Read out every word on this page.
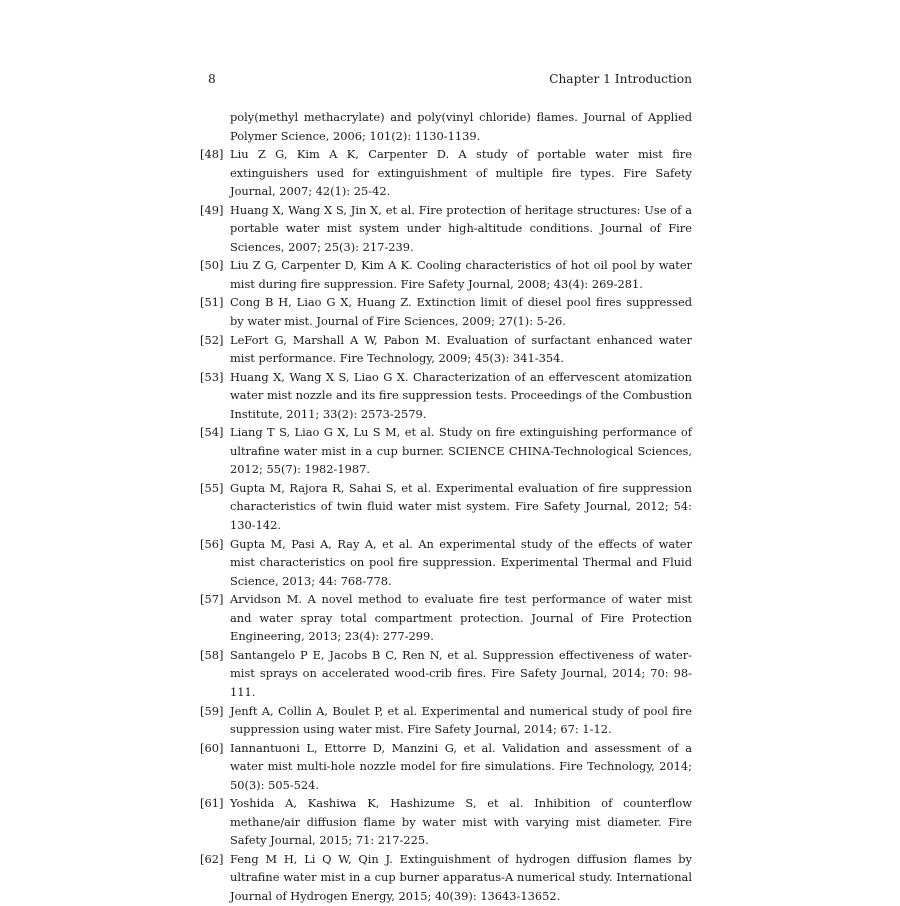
8	Chapter 1 Introduction
poly(methyl methacrylate) and poly(vinyl chloride) flames. Journal of Applied Polymer Science, 2006; 101(2): 1130-1139.
[48] Liu Z G, Kim A K, Carpenter D. A study of portable water mist fire extinguishers used for extinguishment of multiple fire types. Fire Safety Journal, 2007; 42(1): 25-42.
[49] Huang X, Wang X S, Jin X, et al. Fire protection of heritage structures: Use of a portable water mist system under high-altitude conditions. Journal of Fire Sciences, 2007; 25(3): 217-239.
[50] Liu Z G, Carpenter D, Kim A K. Cooling characteristics of hot oil pool by water mist during fire suppression. Fire Safety Journal, 2008; 43(4): 269-281.
[51] Cong B H, Liao G X, Huang Z. Extinction limit of diesel pool fires suppressed by water mist. Journal of Fire Sciences, 2009; 27(1): 5-26.
[52] LeFort G, Marshall A W, Pabon M. Evaluation of surfactant enhanced water mist performance. Fire Technology, 2009; 45(3): 341-354.
[53] Huang X, Wang X S, Liao G X. Characterization of an effervescent atomization water mist nozzle and its fire suppression tests. Proceedings of the Combustion Institute, 2011; 33(2): 2573-2579.
[54] Liang T S, Liao G X, Lu S M, et al. Study on fire extinguishing performance of ultrafine water mist in a cup burner. SCIENCE CHINA-Technological Sciences, 2012; 55(7): 1982-1987.
[55] Gupta M, Rajora R, Sahai S, et al. Experimental evaluation of fire suppression characteristics of twin fluid water mist system. Fire Safety Journal, 2012; 54: 130-142.
[56] Gupta M, Pasi A, Ray A, et al. An experimental study of the effects of water mist characteristics on pool fire suppression. Experimental Thermal and Fluid Science, 2013; 44: 768-778.
[57] Arvidson M. A novel method to evaluate fire test performance of water mist and water spray total compartment protection. Journal of Fire Protection Engineering, 2013; 23(4): 277-299.
[58] Santangelo P E, Jacobs B C, Ren N, et al. Suppression effectiveness of water-mist sprays on accelerated wood-crib fires. Fire Safety Journal, 2014; 70: 98-111.
[59] Jenft A, Collin A, Boulet P, et al. Experimental and numerical study of pool fire suppression using water mist. Fire Safety Journal, 2014; 67: 1-12.
[60] Iannantuoni L, Ettorre D, Manzini G, et al. Validation and assessment of a water mist multi-hole nozzle model for fire simulations. Fire Technology, 2014; 50(3): 505-524.
[61] Yoshida A, Kashiwa K, Hashizume S, et al. Inhibition of counterflow methane/air diffusion flame by water mist with varying mist diameter. Fire Safety Journal, 2015; 71: 217-225.
[62] Feng M H, Li Q W, Qin J. Extinguishment of hydrogen diffusion flames by ultrafine water mist in a cup burner apparatus-A numerical study. International Journal of Hydrogen Energy, 2015; 40(39): 13643-13652.
